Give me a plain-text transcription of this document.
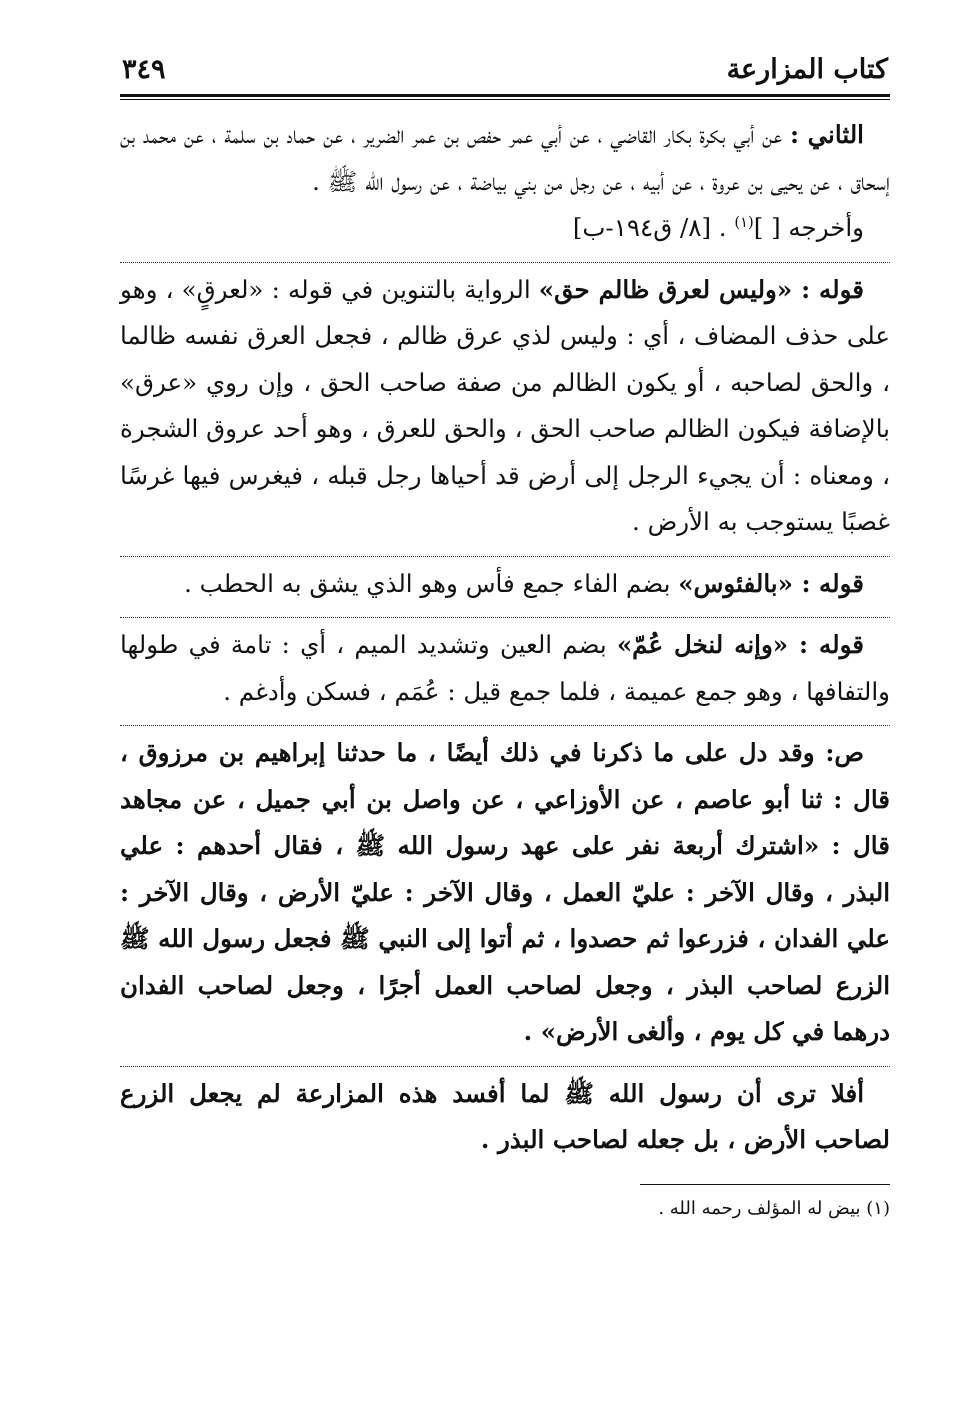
كتاب المزارعة
٣٤٩

الثاني : عن أبي بكرة بكار القاضي ، عن أبي عمر حفص بن عمر الضرير ، عن حماد بن سلمة ، عن محمد بن إسحاق ، عن يحيى بن عروة ، عن أبيه ، عن رجل من بني بياضة ، عن رسول الله ﷺ .

وأخرجه [ ]$^{(١)}$ . [٨/ ق١٩٤-ب]

قوله : «وليس لعرق ظالم حق» الرواية بالتنوين في قوله : «لعرقٍ» ، وهو على حذف المضاف ، أي : وليس لذي عرق ظالم ، فجعل العرق نفسه ظالما ، والحق لصاحبه ، أو يكون الظالم من صفة صاحب الحق ، وإن روي «عرق» بالإضافة فيكون الظالم صاحب الحق ، والحق للعرق ، وهو أحد عروق الشجرة ، ومعناه : أن يجيء الرجل إلى أرض قد أحياها رجل قبله ، فيغرس فيها غرسًا غصبًا يستوجب به الأرض .

قوله : «بالفئوس» بضم الفاء جمع فأس وهو الذي يشق به الحطب .

قوله : «وإنه لنخل عُمّ» بضم العين وتشديد الميم ، أي : تامة في طولها والتفافها ، وهو جمع عميمة ، فلما جمع قيل : عُمَم ، فسكن وأدغم .

ص: وقد دل على ما ذكرنا في ذلك أيضًا ، ما حدثنا إبراهيم بن مرزوق ، قال : ثنا أبو عاصم ، عن الأوزاعي ، عن واصل بن أبي جميل ، عن مجاهد قال : «اشترك أربعة نفر على عهد رسول الله ﷺ ، فقال أحدهم : علي البذر ، وقال الآخر : عليّ العمل ، وقال الآخر : عليّ الأرض ، وقال الآخر : علي الفدان ، فزرعوا ثم حصدوا ، ثم أتوا إلى النبي ﷺ فجعل رسول الله ﷺ الزرع لصاحب البذر ، وجعل لصاحب العمل أجرًا ، وجعل لصاحب الفدان درهما في كل يوم ، وألغى الأرض» .

أفلا ترى أن رسول الله ﷺ لما أفسد هذه المزارعة لم يجعل الزرع لصاحب الأرض ، بل جعله لصاحب البذر .

(١) بيض له المؤلف رحمه الله .
